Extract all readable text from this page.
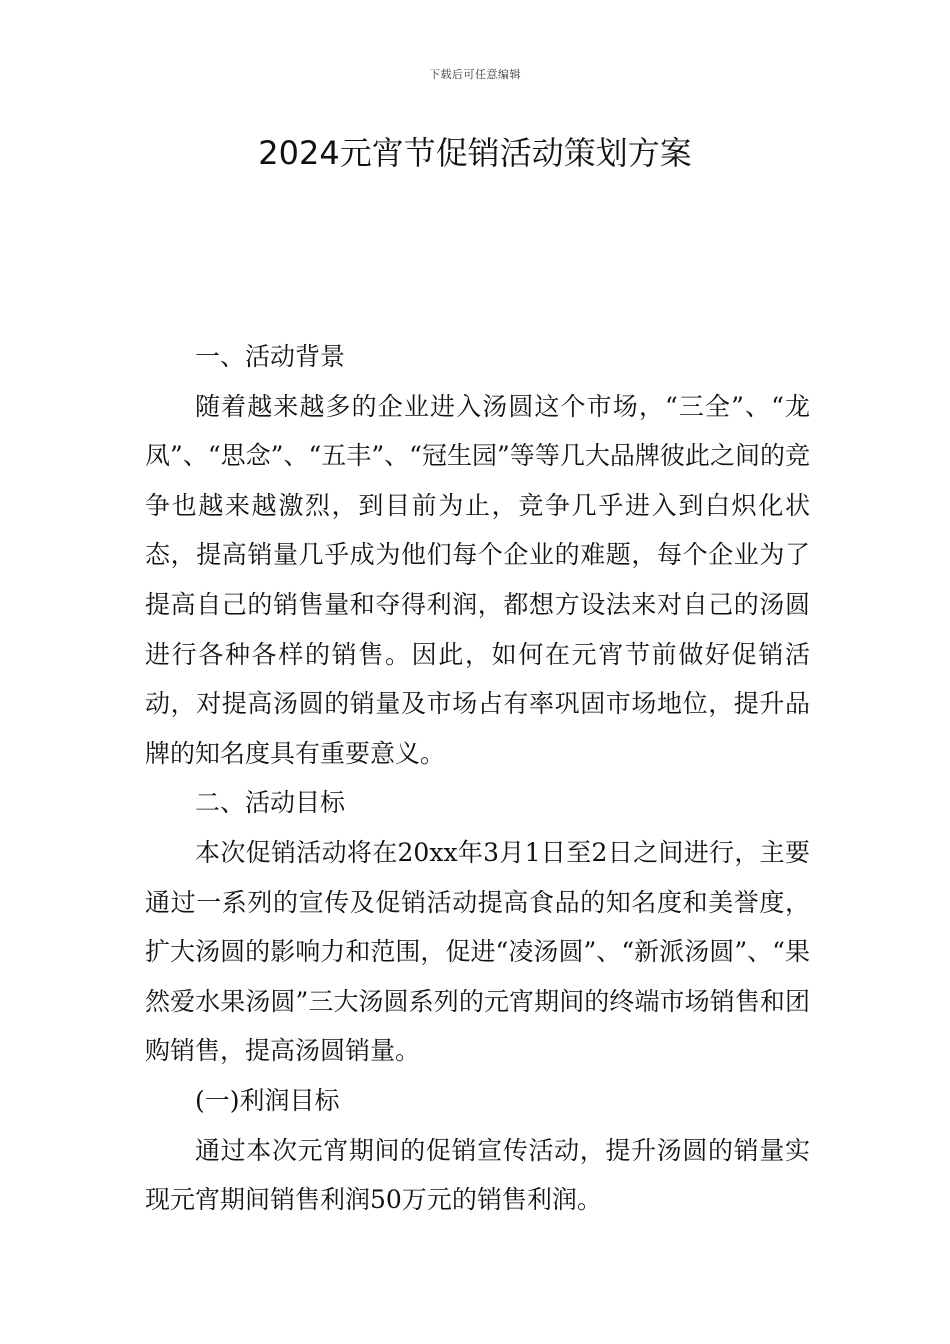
下载后可任意编辑
2024元宵节促销活动策划方案

一、活动背景

随着越来越多的企业进入汤圆这个市场，“三全”、“龙凤”、“思念”、“五丰”、“冠生园”等等几大品牌彼此之间的竞争也越来越激烈，到目前为止，竞争几乎进入到白炽化状态，提高销量几乎成为他们每个企业的难题，每个企业为了提高自己的销售量和夺得利润，都想方设法来对自己的汤圆进行各种各样的销售。因此，如何在元宵节前做好促销活动，对提高汤圆的销量及市场占有率巩固市场地位，提升品牌的知名度具有重要意义。

二、活动目标

本次促销活动将在20xx年3月1日至2日之间进行，主要通过一系列的宣传及促销活动提高食品的知名度和美誉度，扩大汤圆的影响力和范围，促进“凌汤圆”、“新派汤圆”、“果然爱水果汤圆”三大汤圆系列的元宵期间的终端市场销售和团购销售，提高汤圆销量。

(一)利润目标

通过本次元宵期间的促销宣传活动，提升汤圆的销量实现元宵期间销售利润50万元的销售利润。
